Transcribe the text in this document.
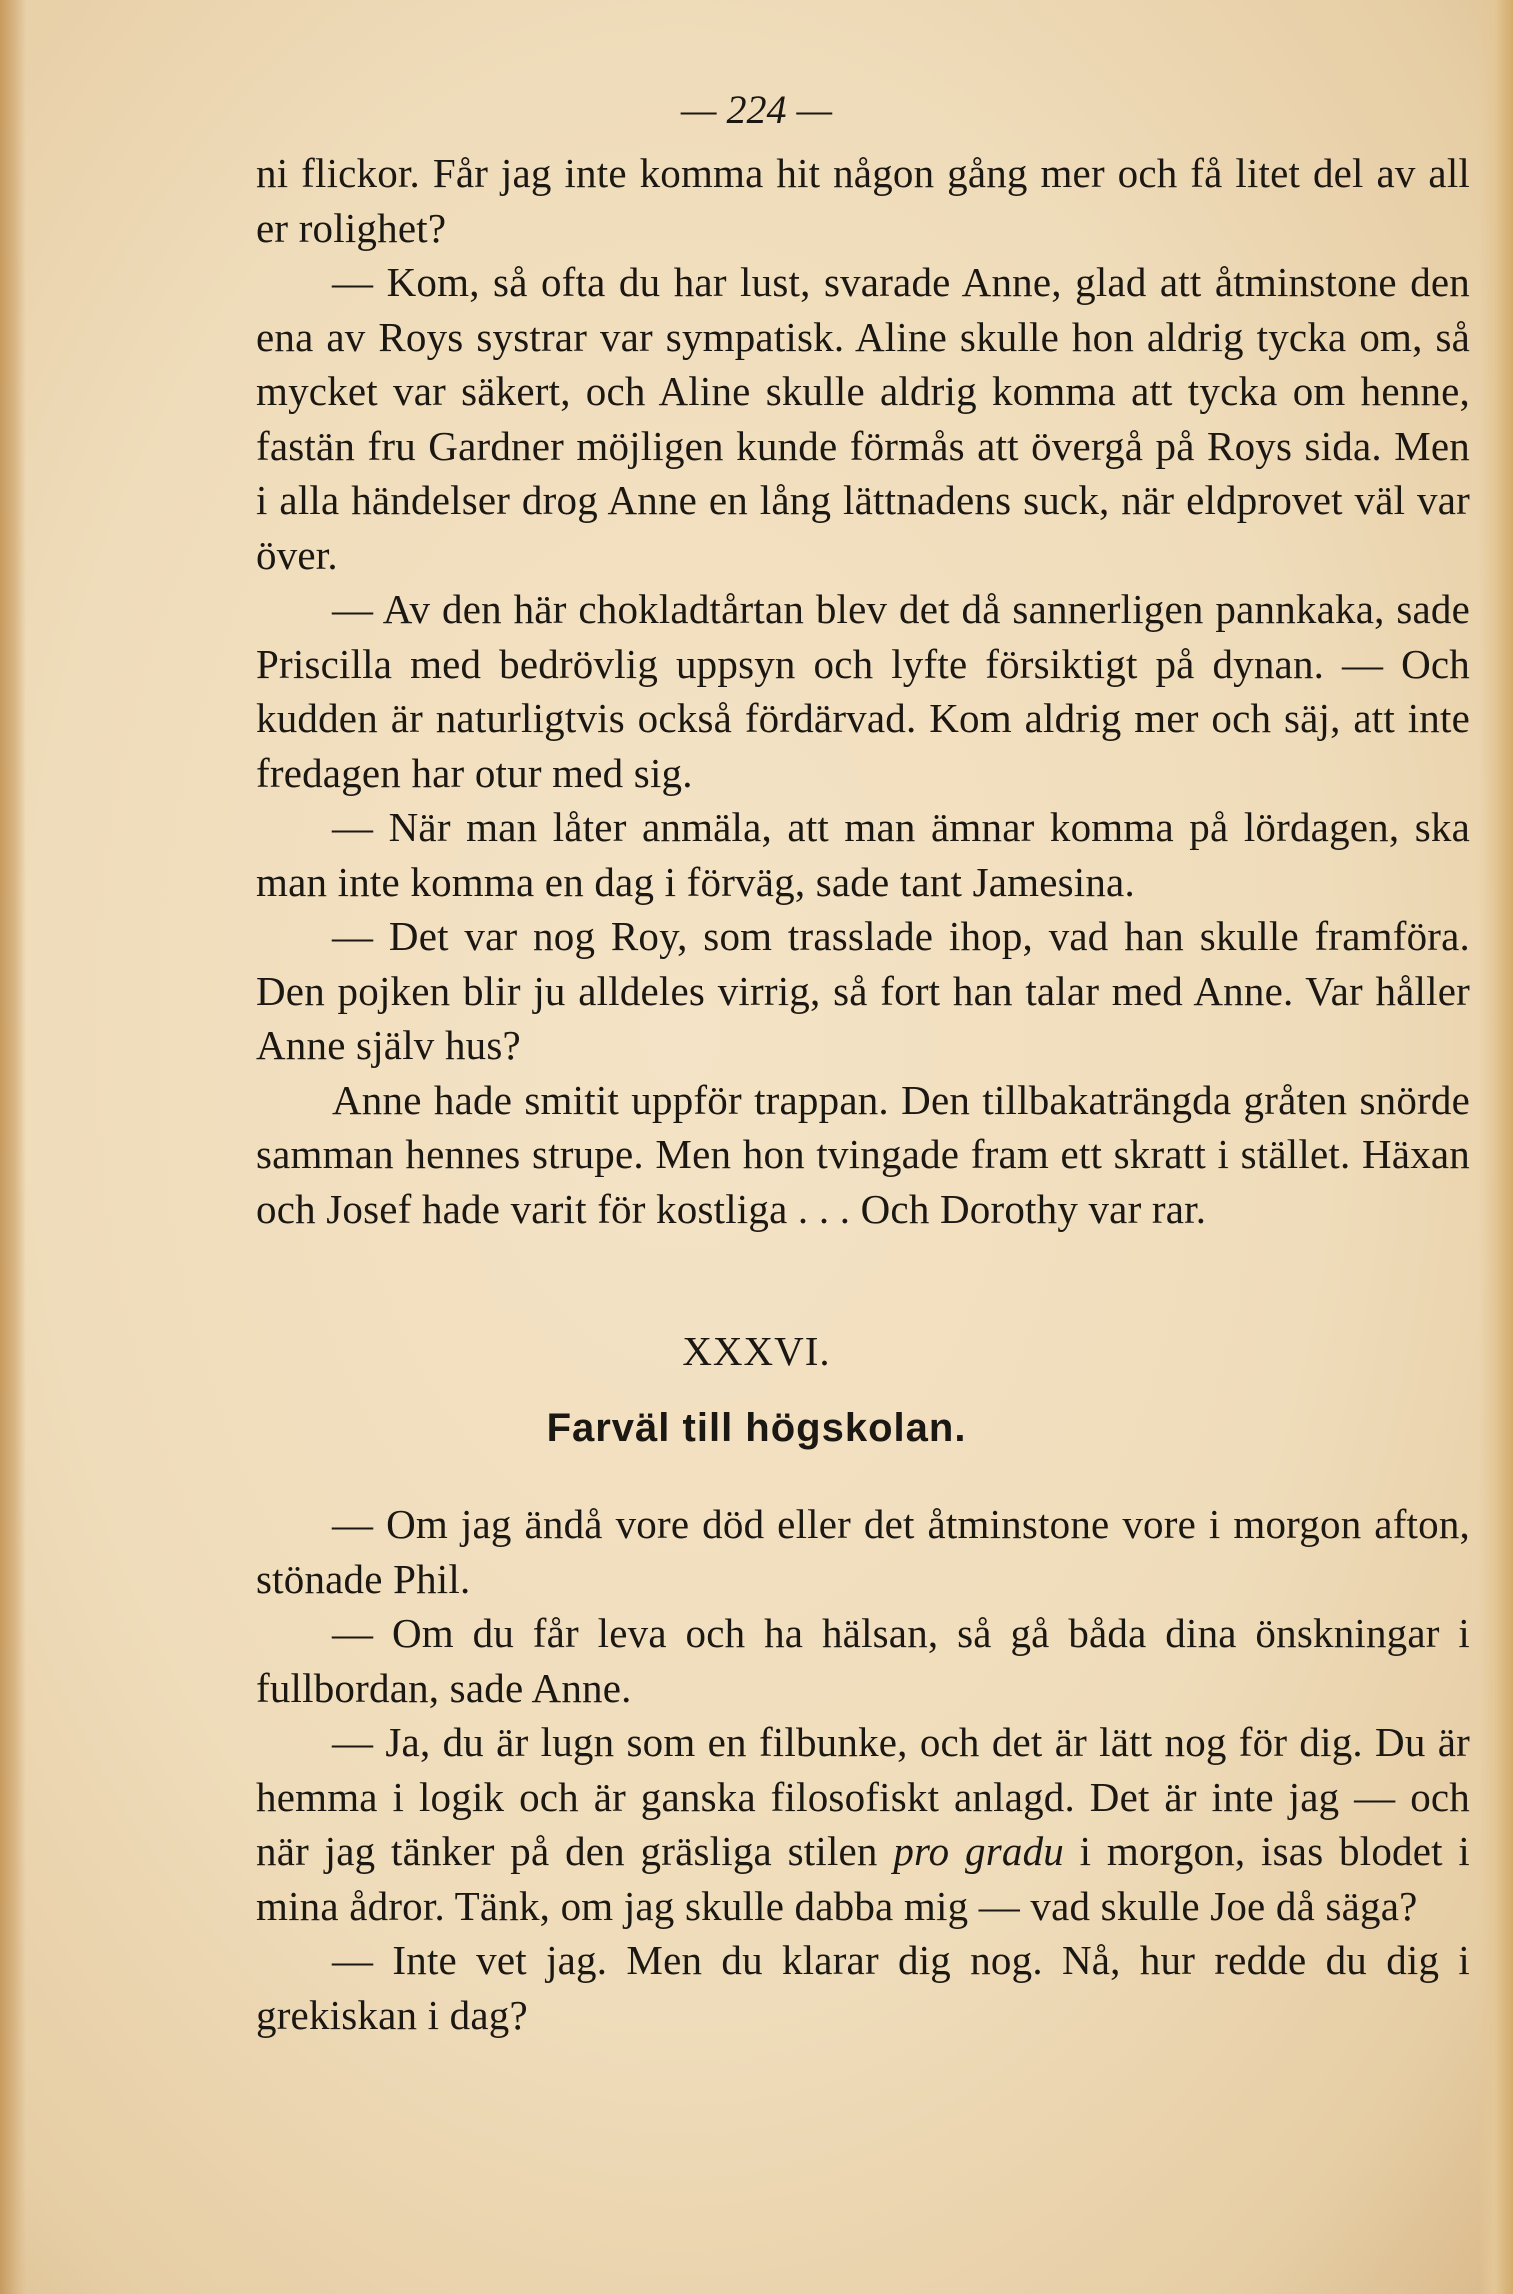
— 224 —

ni flickor. Får jag inte komma hit någon gång mer och få litet del av all er rolighet?

— Kom, så ofta du har lust, svarade Anne, glad att åtminstone den ena av Roys systrar var sympatisk. Aline skulle hon aldrig tycka om, så mycket var säkert, och Aline skulle aldrig komma att tycka om henne, fastän fru Gardner möjligen kunde förmås att övergå på Roys sida. Men i alla händelser drog Anne en lång lättnadens suck, när eldprovet väl var över.

— Av den här chokladtårtan blev det då sannerligen pannkaka, sade Priscilla med bedrövlig uppsyn och lyfte försiktigt på dynan. — Och kudden är naturligtvis också fördärvad. Kom aldrig mer och säj, att inte fredagen har otur med sig.

— När man låter anmäla, att man ämnar komma på lördagen, ska man inte komma en dag i förväg, sade tant Jamesina.

— Det var nog Roy, som trasslade ihop, vad han skulle framföra. Den pojken blir ju alldeles virrig, så fort han talar med Anne. Var håller Anne själv hus?

Anne hade smitit uppför trappan. Den tillbakaträngda gråten snörde samman hennes strupe. Men hon tvingade fram ett skratt i stället. Häxan och Josef hade varit för kostliga . . . Och Dorothy var rar.

XXXVI.
Farväl till högskolan.

— Om jag ändå vore död eller det åtminstone vore i morgon afton, stönade Phil.

— Om du får leva och ha hälsan, så gå båda dina önskningar i fullbordan, sade Anne.

— Ja, du är lugn som en filbunke, och det är lätt nog för dig. Du är hemma i logik och är ganska filosofiskt anlagd. Det är inte jag — och när jag tänker på den gräsliga stilen pro gradu i morgon, isas blodet i mina ådror. Tänk, om jag skulle dabba mig — vad skulle Joe då säga?

— Inte vet jag. Men du klarar dig nog. Nå, hur redde du dig i grekiskan i dag?
